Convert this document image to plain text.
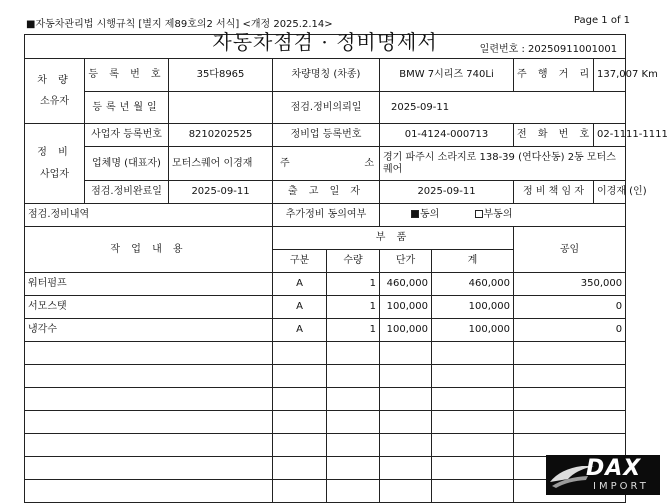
■자동차관리법 시행규칙 [별지 제89호의2 서식] <개정 2025.2.14>	Page 1 of 1
자동차점검 · 정비명세서 일련번호 : 20250911001001								

차 량
소유자	등 록 번 호	35다8965	차량명칭 (차종)		BMW 7시리즈 740Li		주 행 거 리	137,007 Km
	등록년월일		점검.정비의뢰일		2025-09-11			

정 비
사업자	사업자 등록번호	8210202525	정비업 등록번호		01-4124-000713		전 화 번 호	02-1111-1111
	업체명 (대표자)	모터스퀘어 이경재	주 소		경기 파주시 소라지로 138-39 (연다산동) 2동 모터스퀘어			
	점검.정비완료일	2025-09-11	출 고 일 자		2025-09-11		정 비 책 임 자	이경재 (인)
점검.정비내역			추가정비 동의여부		동의 부동의			
작 업 내 용			부 품				공임	
			구분	수량	단가	계		
워터펌프			A	1	460,000	460,000	350,000	
서모스탯			A	1	100,000	100,000	0	
냉각수			A	1	100,000	100,000	0	

DAX
IMPORT
